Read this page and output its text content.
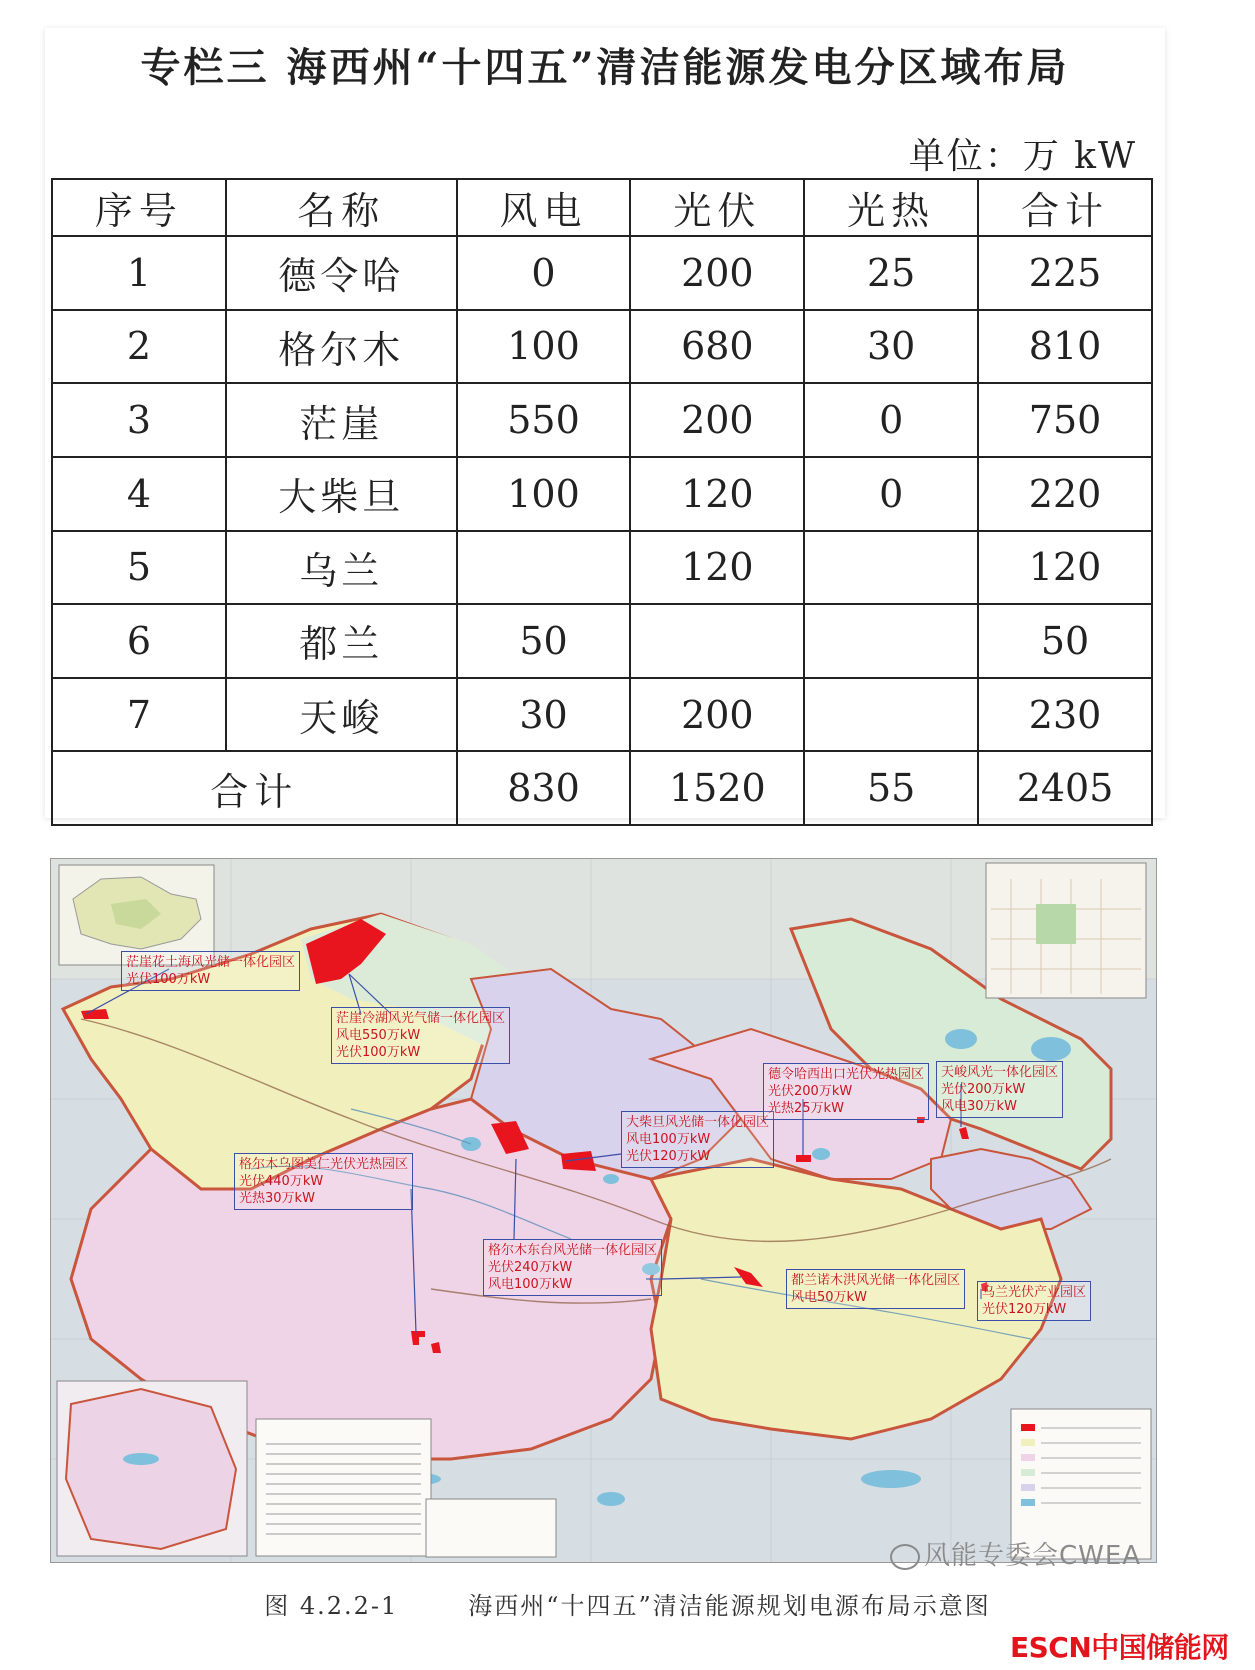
专栏三 海西州“十四五”清洁能源发电分区域布局
单位：万 kW
序号	名称	风电	光伏	光热	合计
1	德令哈	0	200	25	225
2	格尔木	100	680	30	810
3	茫崖	550	200	0	750
4	大柴旦	100	120	0	220
5	乌兰		120		120
6	都兰	50			50
7	天峻	30	200		230
合计		830	1520	55	2405
茫崖花土海风光储一体化园区
光伏100万kW
茫崖冷湖风光气储一体化园区
风电550万kW
光伏100万kW
大柴旦风光储一体化园区
风电100万kW
光伏120万kW
德令哈西出口光伏光热园区
光伏200万kW
光热25万kW
天峻风光一体化园区
光伏200万kW
风电30万kW
格尔木乌图美仁光伏光热园区
光伏440万kW
光热30万kW
格尔木东台风光储一体化园区
光伏240万kW
风电100万kW	都兰诺木洪风光储一体化园区
风电50万kW	乌兰光伏产业园区
光伏120万kW
风能专委会CWEA
图 4.2.2-1	海西州“十四五”清洁能源规划电源布局示意图
ESCN中国储能网
